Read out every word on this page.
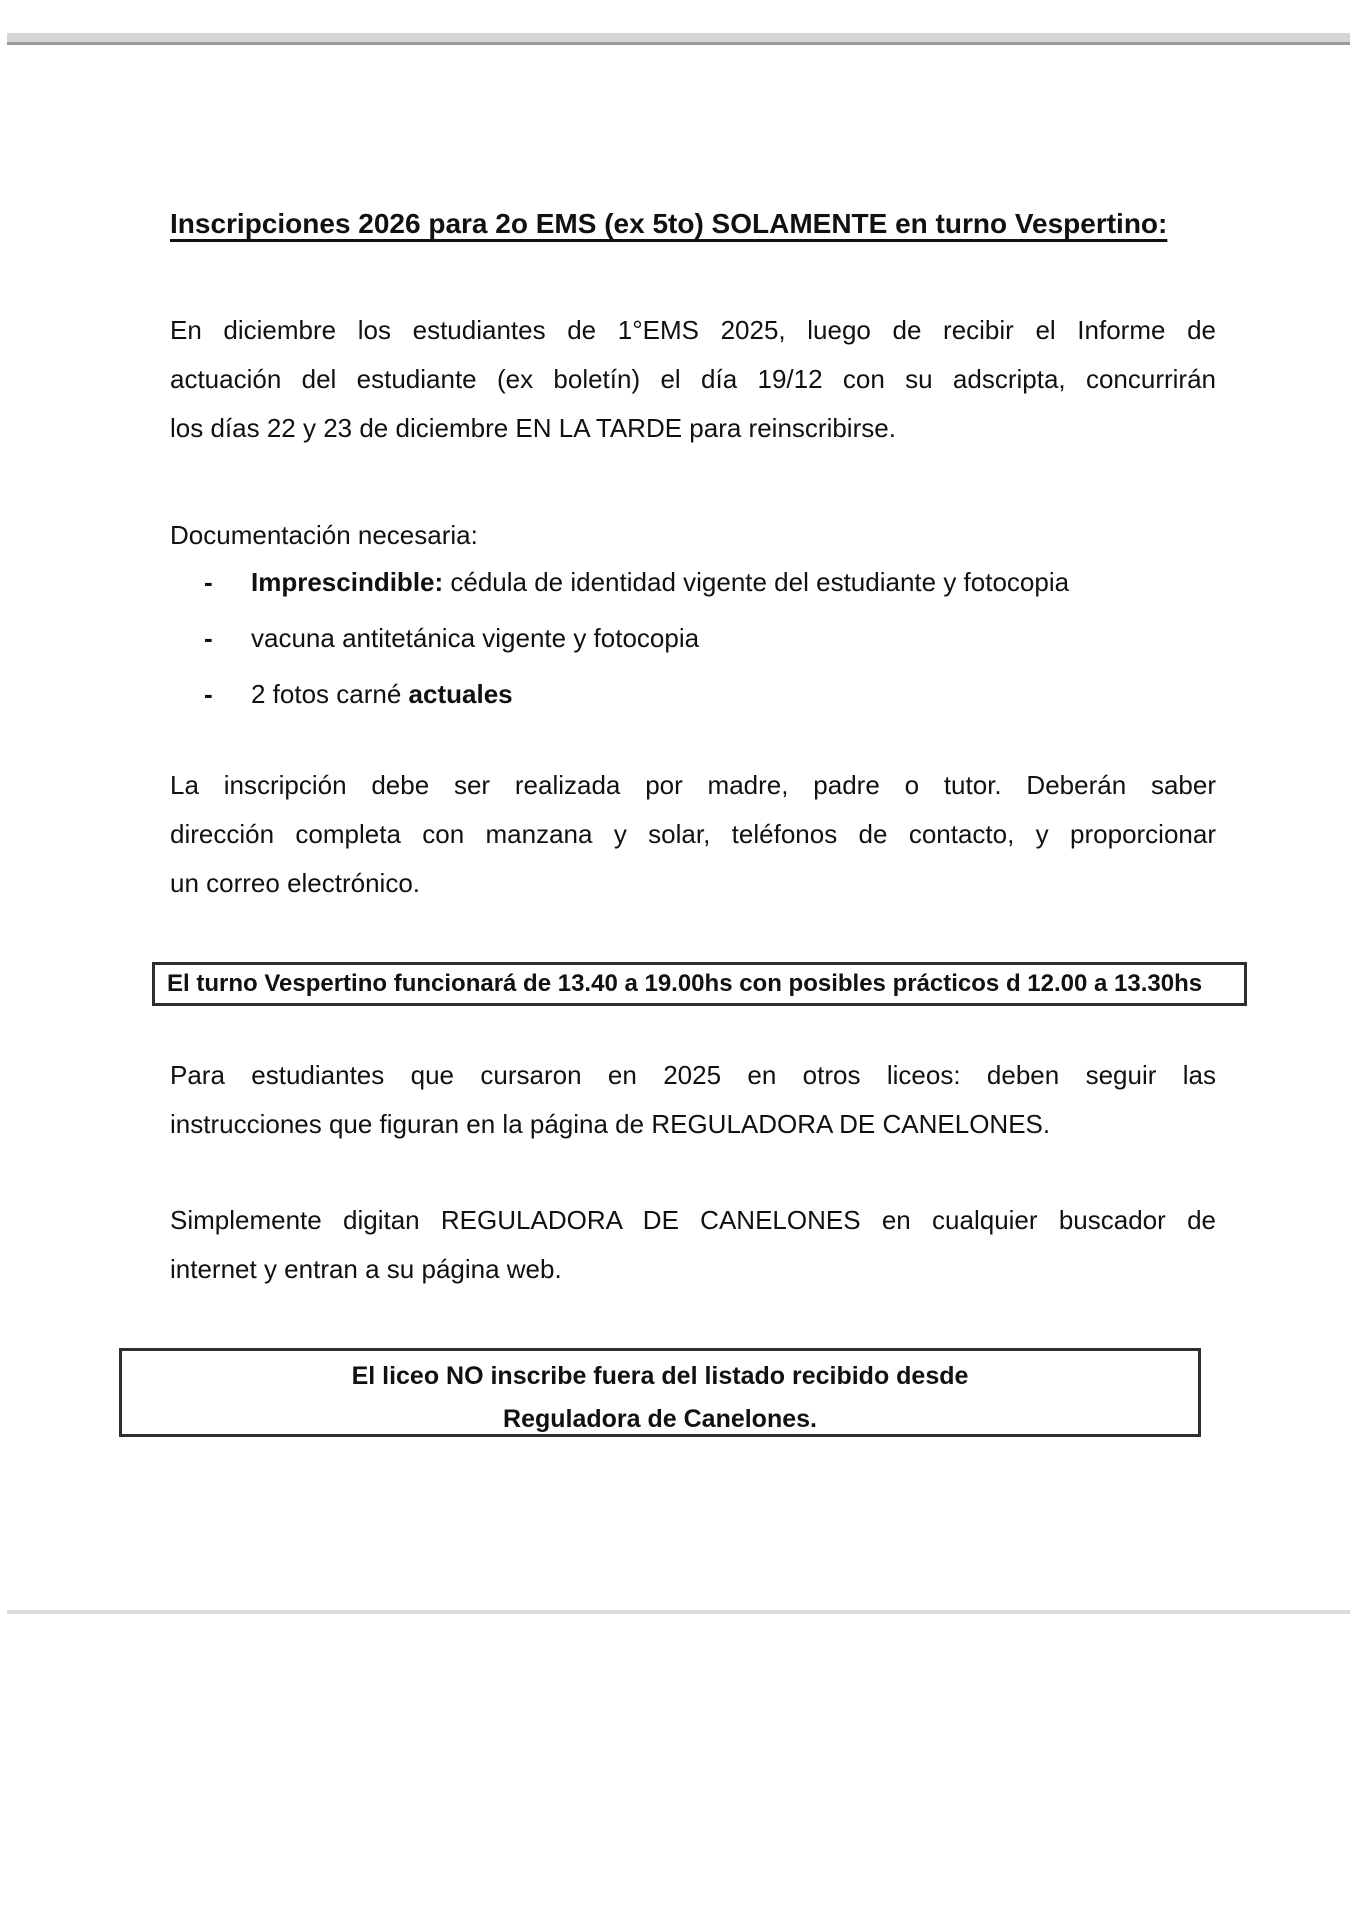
Inscripciones 2026 para 2o EMS (ex 5to) SOLAMENTE en turno Vespertino:
En diciembre los estudiantes de 1°EMS 2025, luego de recibir el Informe de
actuación del estudiante (ex boletín) el día 19/12 con su adscripta, concurrirán
los días 22 y 23 de diciembre EN LA TARDE para reinscribirse.
Documentación necesaria:
- Imprescindible: cédula de identidad vigente del estudiante y fotocopia
- vacuna antitetánica vigente y fotocopia
- 2 fotos carné actuales
La inscripción debe ser realizada por madre, padre o tutor. Deberán saber
dirección completa con manzana y solar, teléfonos de contacto, y proporcionar
un correo electrónico.
El turno Vespertino funcionará de 13.40 a 19.00hs con posibles prácticos d 12.00 a 13.30hs
Para estudiantes que cursaron en 2025 en otros liceos: deben seguir las
instrucciones que figuran en la página de REGULADORA DE CANELONES.
Simplemente digitan REGULADORA DE CANELONES en cualquier buscador de
internet y entran a su página web.
El liceo NO inscribe fuera del listado recibido desde
Reguladora de Canelones.
